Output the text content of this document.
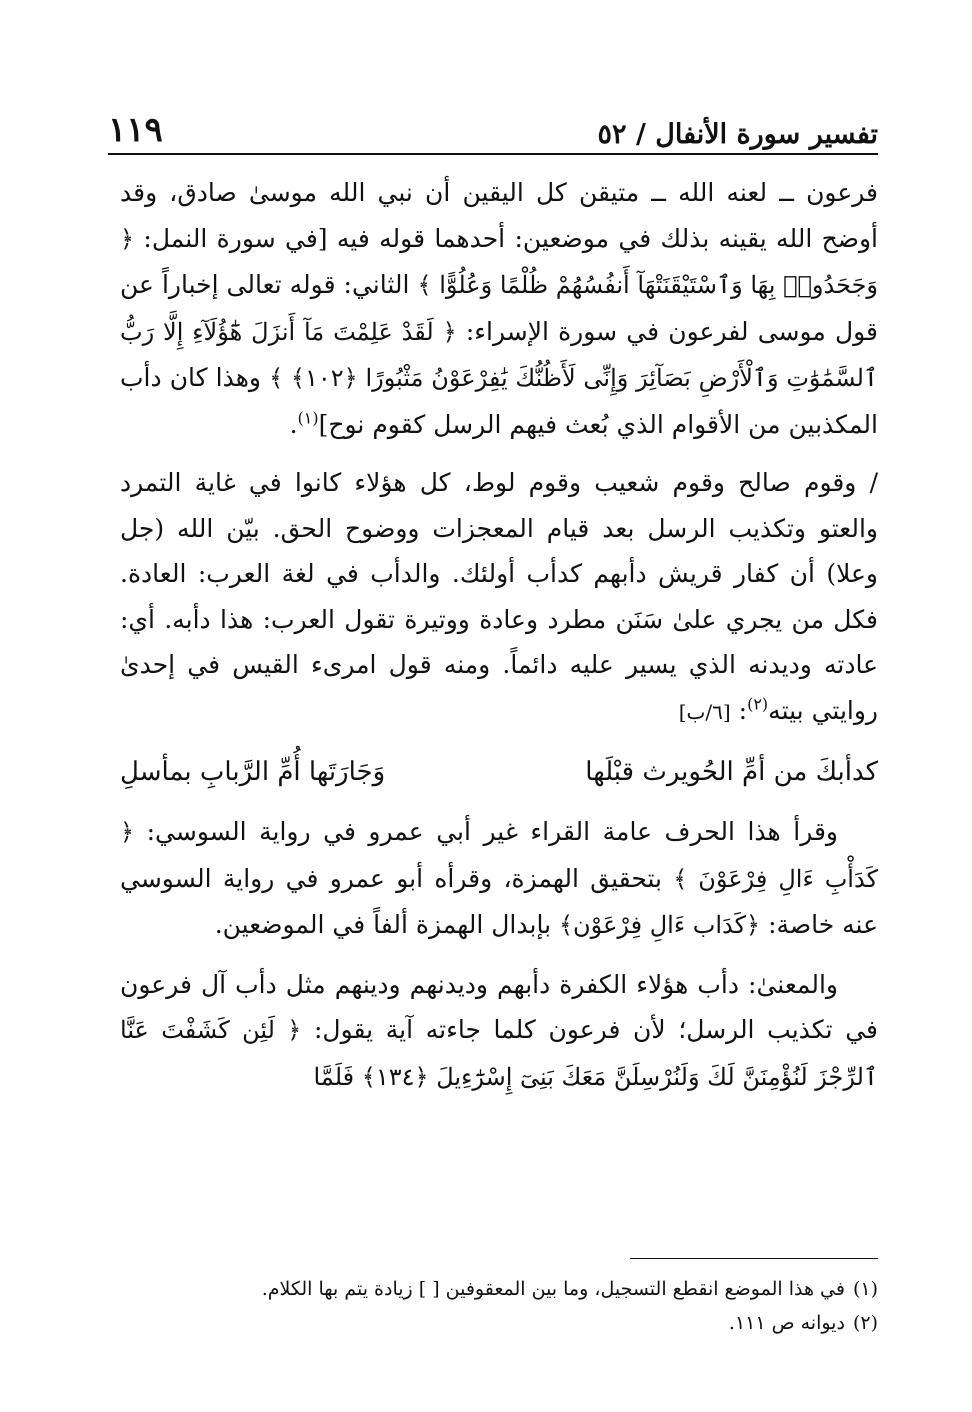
تفسير سورة الأنفال / ٥٢
١١٩

فرعون ــ لعنه الله ــ متيقن كل اليقين أن نبي الله موسىٰ صادق، وقد أوضح الله يقينه بذلك في موضعين: أحدهما قوله فيه [في سورة النمل: ﴿ وَجَحَدُوا۟ بِهَا وَٱسْتَيْقَنَتْهَآ أَنفُسُهُمْ ظُلْمًا وَعُلُوًّا ﴾ الثاني: قوله تعالى إخباراً عن قول موسى لفرعون في سورة الإسراء: ﴿ لَقَدْ عَلِمْتَ مَآ أَنزَلَ هَٰٓؤُلَآءِ إِلَّا رَبُّ ٱلسَّمَٰوَٰتِ وَٱلْأَرْضِ بَصَآئِرَ وَإِنِّى لَأَظُنُّكَ يَٰفِرْعَوْنُ مَثْبُورًا ﴿١٠٢﴾ ﴾ وهذا كان دأب المكذبين من الأقوام الذي بُعث فيهم الرسل كقوم نوح]$^{(١)}$.

/ وقوم صالح وقوم شعيب وقوم لوط، كل هؤلاء كانوا في غاية التمرد والعتو وتكذيب الرسل بعد قيام المعجزات ووضوح الحق. بيّن الله (جل وعلا) أن كفار قريش دأبهم كدأب أولئك. والدأب في لغة العرب: العادة. فكل من يجري علىٰ سَنَن مطرد وعادة ووتيرة تقول العرب: هذا دأبه. أي: عادته وديدنه الذي يسير عليه دائماً. ومنه قول امرىء القيس في إحدىٰ روايتي بيته$^{(٢)}$: [٦/ب]

كدأبكَ من أمِّ الحُويرث قبْلَها
وَجَارَتَها أُمِّ الرَّبابِ بمأسلِ

وقرأ هذا الحرف عامة القراء غير أبي عمرو في رواية السوسي: ﴿ كَدَأْبِ ءَالِ فِرْعَوْنَ ﴾ بتحقيق الهمزة، وقرأه أبو عمرو في رواية السوسي عنه خاصة: ﴿كَدَاب ءَالِ فِرْعَوْن﴾ بإبدال الهمزة ألفاً في الموضعين.

والمعنىٰ: دأب هؤلاء الكفرة دأبهم وديدنهم ودينهم مثل دأب آل فرعون في تكذيب الرسل؛ لأن فرعون كلما جاءته آية يقول: ﴿ لَئِن كَشَفْتَ عَنَّا ٱلرِّجْزَ لَنُؤْمِنَنَّ لَكَ وَلَنُرْسِلَنَّ مَعَكَ بَنِىٓ إِسْرَٰٓءِيلَ ﴿١٣٤﴾ فَلَمَّا

(١)في هذا الموضع انقطع التسجيل، وما بين المعقوفين [ ] زيادة يتم بها الكلام.

(٢)ديوانه ص ١١١.
